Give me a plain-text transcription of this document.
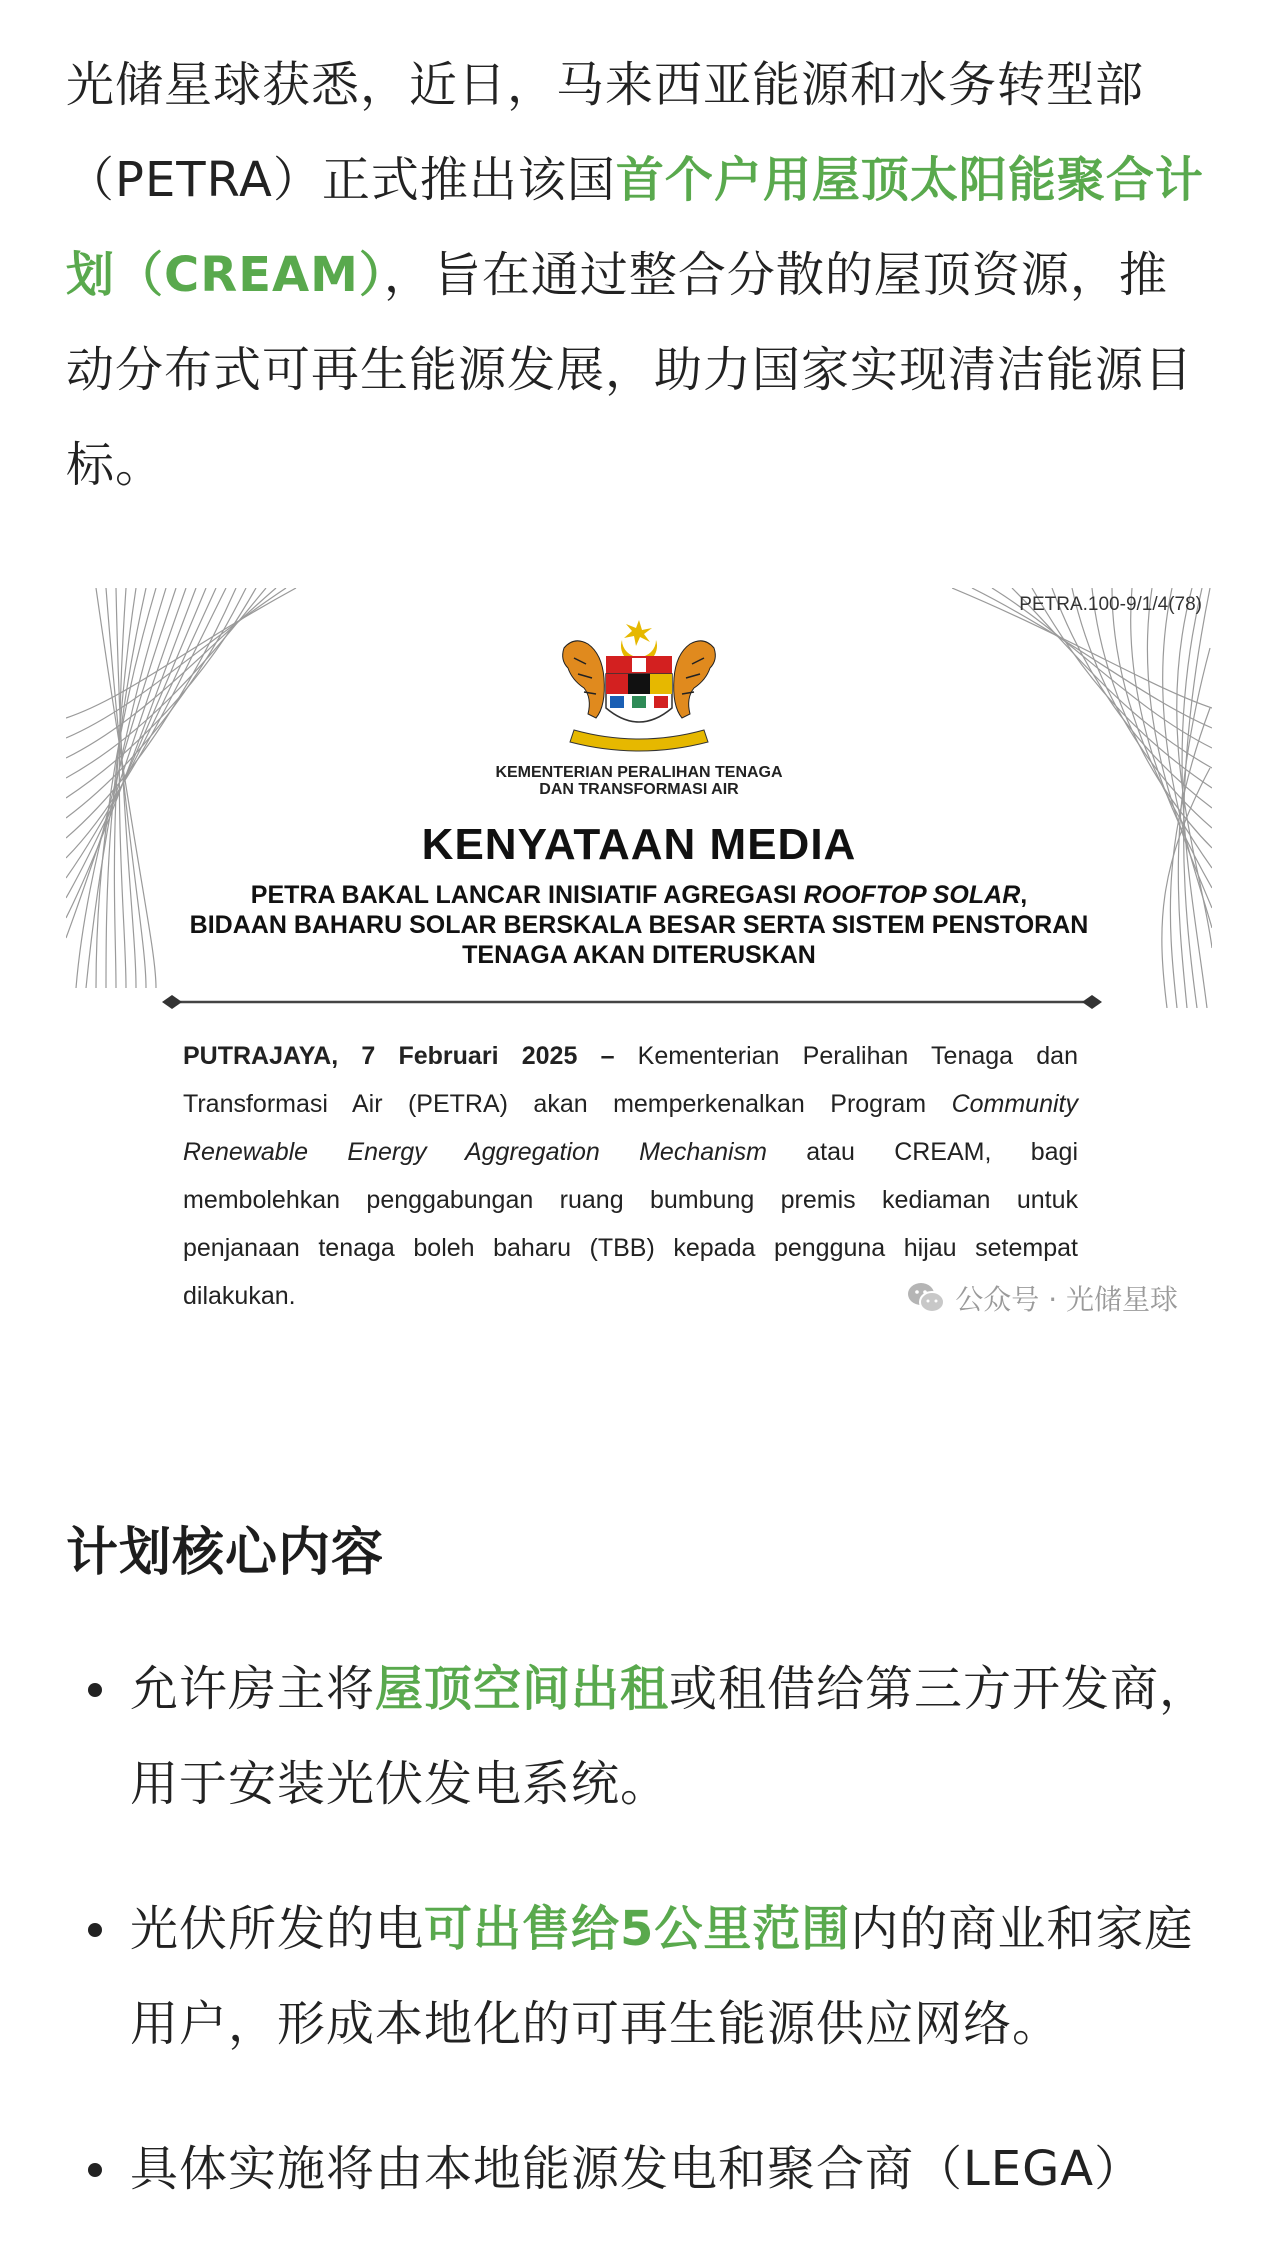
光储星球获悉，近日，马来西亚能源和水务转型部（PETRA）正式推出该国首个户用屋顶太阳能聚合计划（CREAM），旨在通过整合分散的屋顶资源，推动分布式可再生能源发展，助力国家实现清洁能源目标。

PETRA.100-9/1/4(78)
KEMENTERIAN PERALIHAN TENAGA
DAN TRANSFORMASI AIR
KENYATAAN MEDIA
PETRA BAKAL LANCAR INISIATIF AGREGASI ROOFTOP SOLAR,
BIDAAN BAHARU SOLAR BERSKALA BESAR SERTA SISTEM PENSTORAN
TENAGA AKAN DITERUSKAN
PUTRAJAYA, 7 Februari 2025 – Kementerian Peralihan Tenaga dan
Transformasi Air (PETRA) akan memperkenalkan Program Community
Renewable Energy Aggregation Mechanism atau CREAM, bagi
membolehkan penggabungan ruang bumbung premis kediaman untuk
penjanaan tenaga boleh baharu (TBB) kepada pengguna hijau setempat
dilakukan.	公众号 · 光储星球
计划核心内容
允许房主将屋顶空间出租或租借给第三方开发商，用于安装光伏发电系统。
光伏所发的电可出售给5公里范围内的商业和家庭用户，形成本地化的可再生能源供应网络。
具体实施将由本地能源发电和聚合商（LEGA）
